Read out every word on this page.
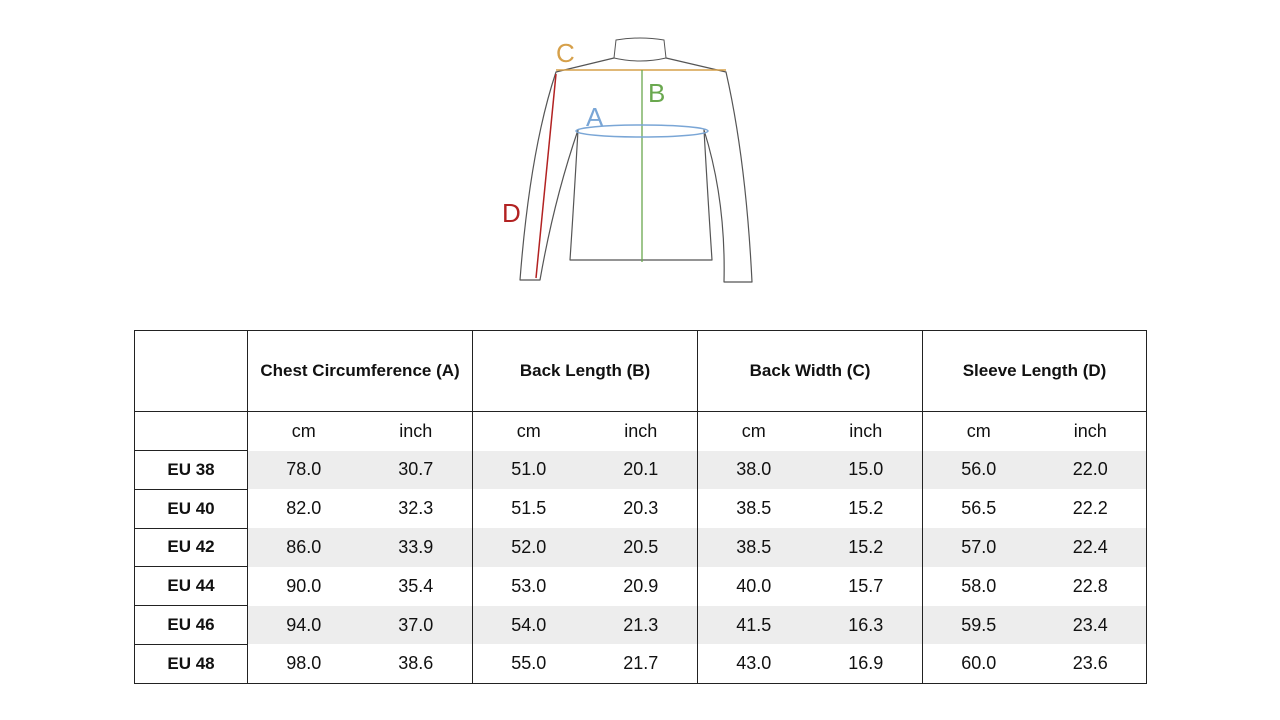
C
B
A
D
	Chest Circumference (A)		Back Length (B)		Back Width (C)		Sleeve Length (D)	
	cm	inch	cm	inch	cm	inch	cm	inch
EU 38	78.0	30.7	51.0	20.1	38.0	15.0	56.0	22.0
EU 40	82.0	32.3	51.5	20.3	38.5	15.2	56.5	22.2
EU 42	86.0	33.9	52.0	20.5	38.5	15.2	57.0	22.4
EU 44	90.0	35.4	53.0	20.9	40.0	15.7	58.0	22.8
EU 46	94.0	37.0	54.0	21.3	41.5	16.3	59.5	23.4
EU 48	98.0	38.6	55.0	21.7	43.0	16.9	60.0	23.6
